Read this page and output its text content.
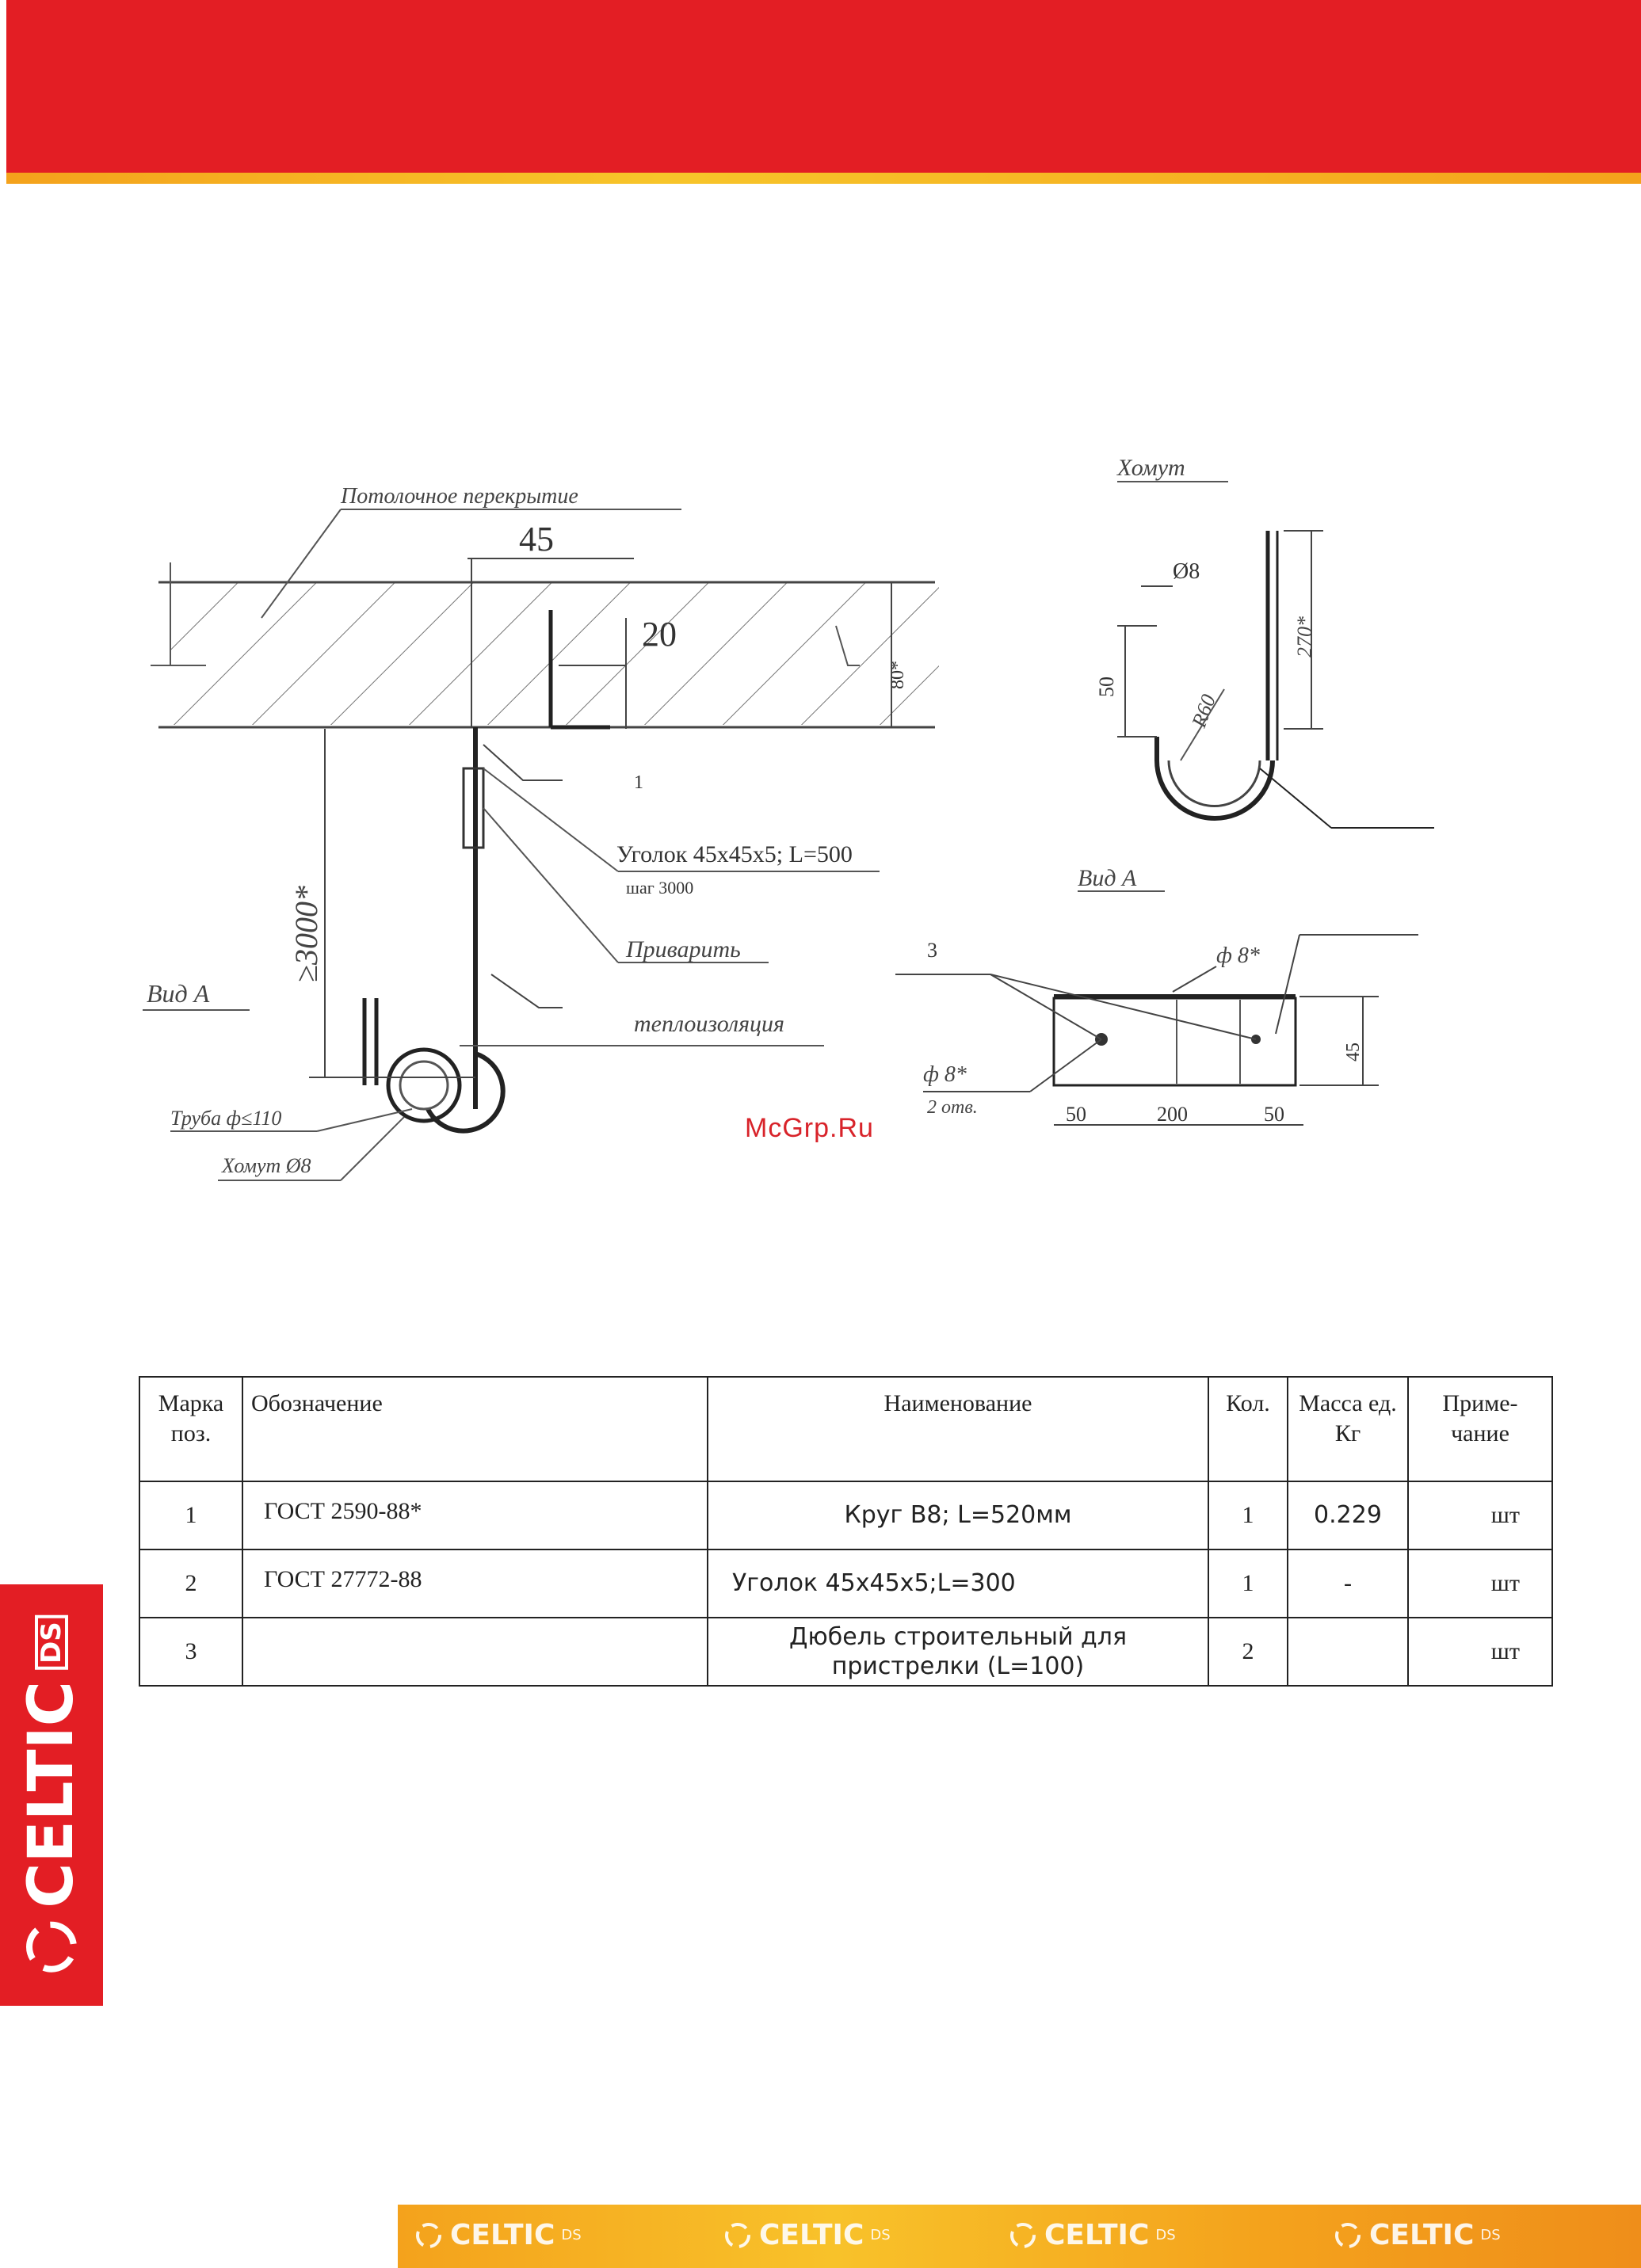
Потолочное перекрытие
45
20
80*
≥3000*
1
Уголок 45х45х5; L=500
шаг 3000
Приварить
теплоизоляция
Вид А
Труба ф≤110
Хомут Ø8
Хомут
270*
Ø8
50
R60
Вид А
3	ф 8*
ф 8*
2 отв.	50	200	50
45
McGrp.Ru
Марка поз.	Обозначение	Наименование	Кол.	Масса ед. Кг	Приме- чание
1	ГОСТ 2590-88*	Круг В8; L=520мм	1	0.229	шт
2	ГОСТ 27772-88	Уголок 45х45х5;L=300	1	-	шт
3		Дюбель строительный для пристрелки (L=100)	2		шт
CELTIC
DS
CELTIC DS	CELTIC DS	CELTIC DS	CELTIC DS
